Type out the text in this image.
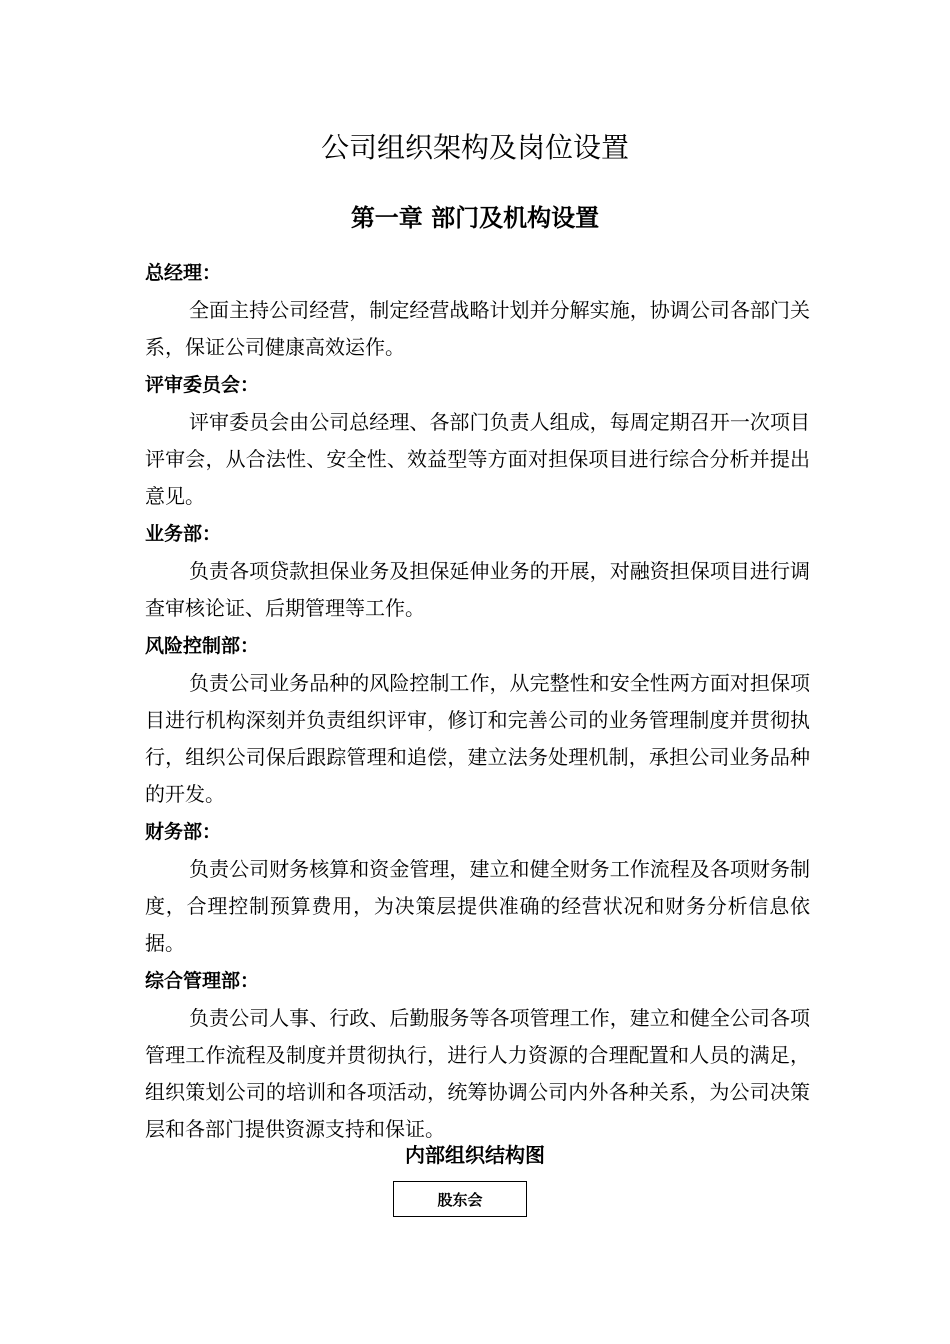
公司组织架构及岗位设置
第一章 部门及机构设置

总经理：

全面主持公司经营，制定经营战略计划并分解实施，协调公司各部门关系，保证公司健康高效运作。

评审委员会：

评审委员会由公司总经理、各部门负责人组成，每周定期召开一次项目评审会，从合法性、安全性、效益型等方面对担保项目进行综合分析并提出意见。

业务部：

负责各项贷款担保业务及担保延伸业务的开展，对融资担保项目进行调查审核论证、后期管理等工作。

风险控制部：

负责公司业务品种的风险控制工作，从完整性和安全性两方面对担保项目进行机构深刻并负责组织评审，修订和完善公司的业务管理制度并贯彻执行，组织公司保后跟踪管理和追偿，建立法务处理机制，承担公司业务品种的开发。

财务部：

负责公司财务核算和资金管理，建立和健全财务工作流程及各项财务制度，合理控制预算费用，为决策层提供准确的经营状况和财务分析信息依据。

综合管理部：

负责公司人事、行政、后勤服务等各项管理工作，建立和健全公司各项管理工作流程及制度并贯彻执行，进行人力资源的合理配置和人员的满足，组织策划公司的培训和各项活动，统筹协调公司内外各种关系，为公司决策层和各部门提供资源支持和保证。

内部组织结构图
股东会
